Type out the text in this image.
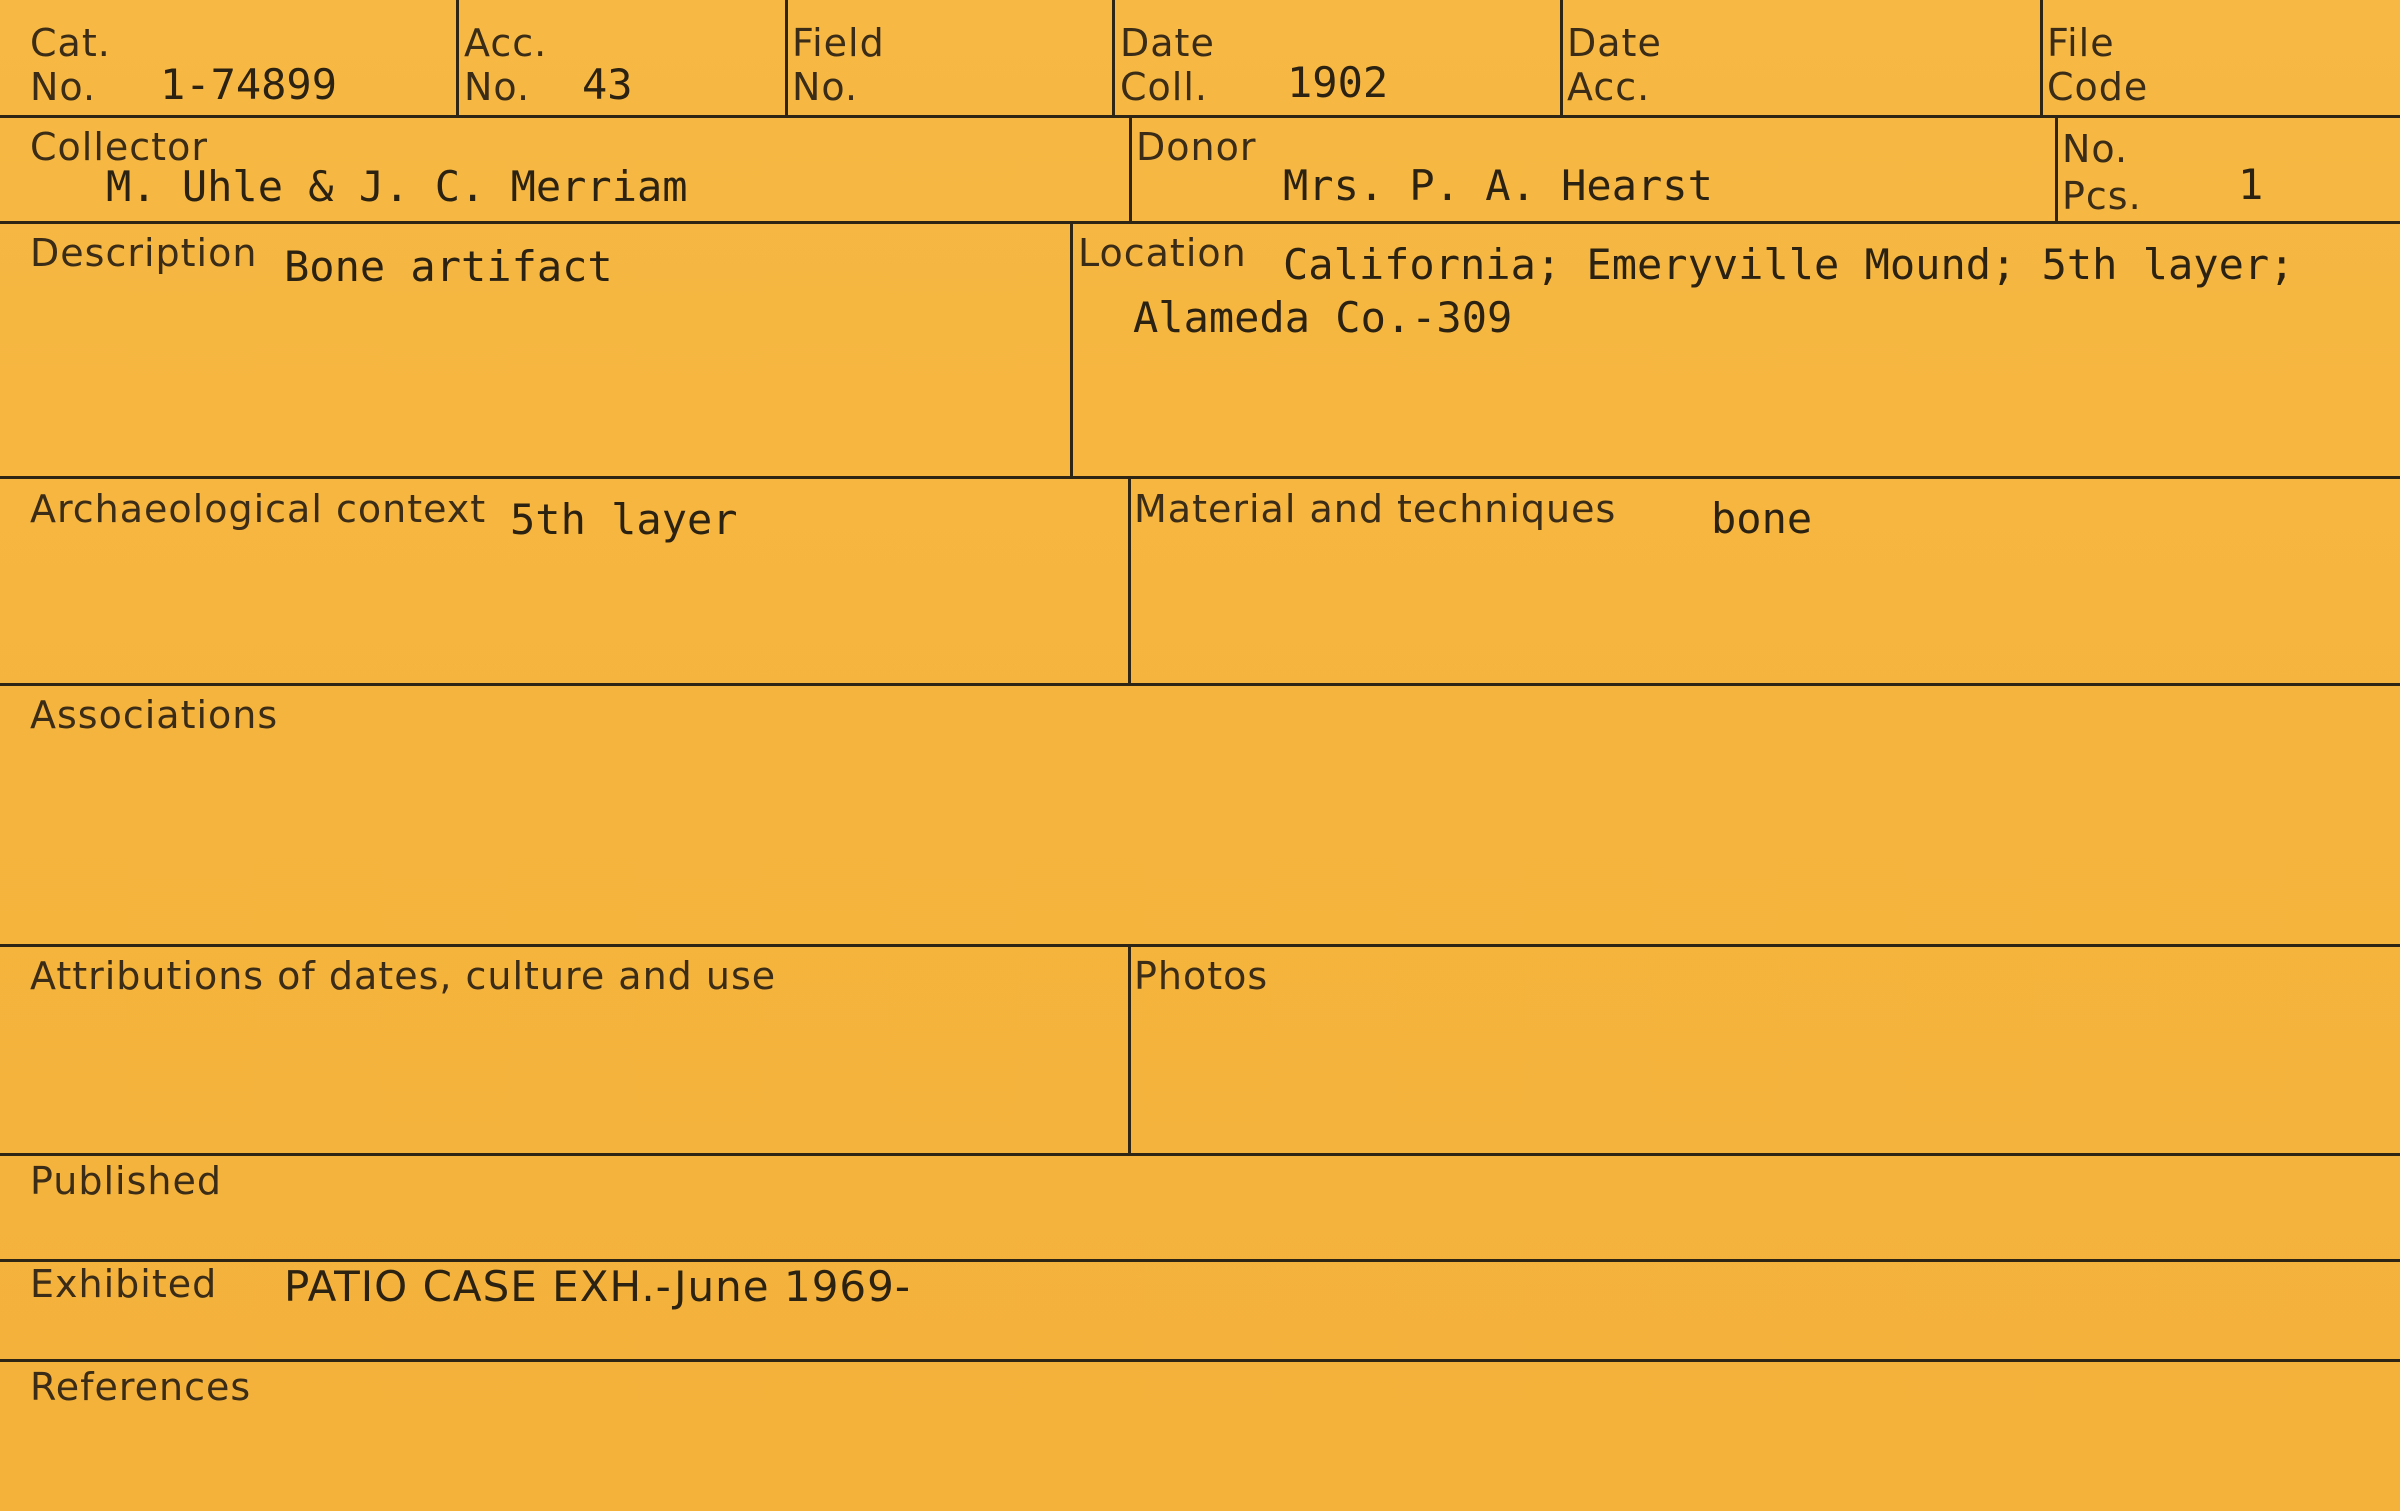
Cat.
No. 1-74899
Acc.
No. 43
Field
No.
Date
Coll. 1902
Date
Acc.
File
Code
Collector
M. Uhle & J. C. Merriam
Donor
Mrs. P. A. Hearst
No.
Pcs. 1
Description Bone artifact	Location California; Emeryville Mound; 5th layer;
Alameda Co.-309
Archaeological context 5th layer	Material and techniques bone
Associations
Attributions of dates, culture and use	Photos
Published
Exhibited PATIO CASE EXH.-June 1969-
References
